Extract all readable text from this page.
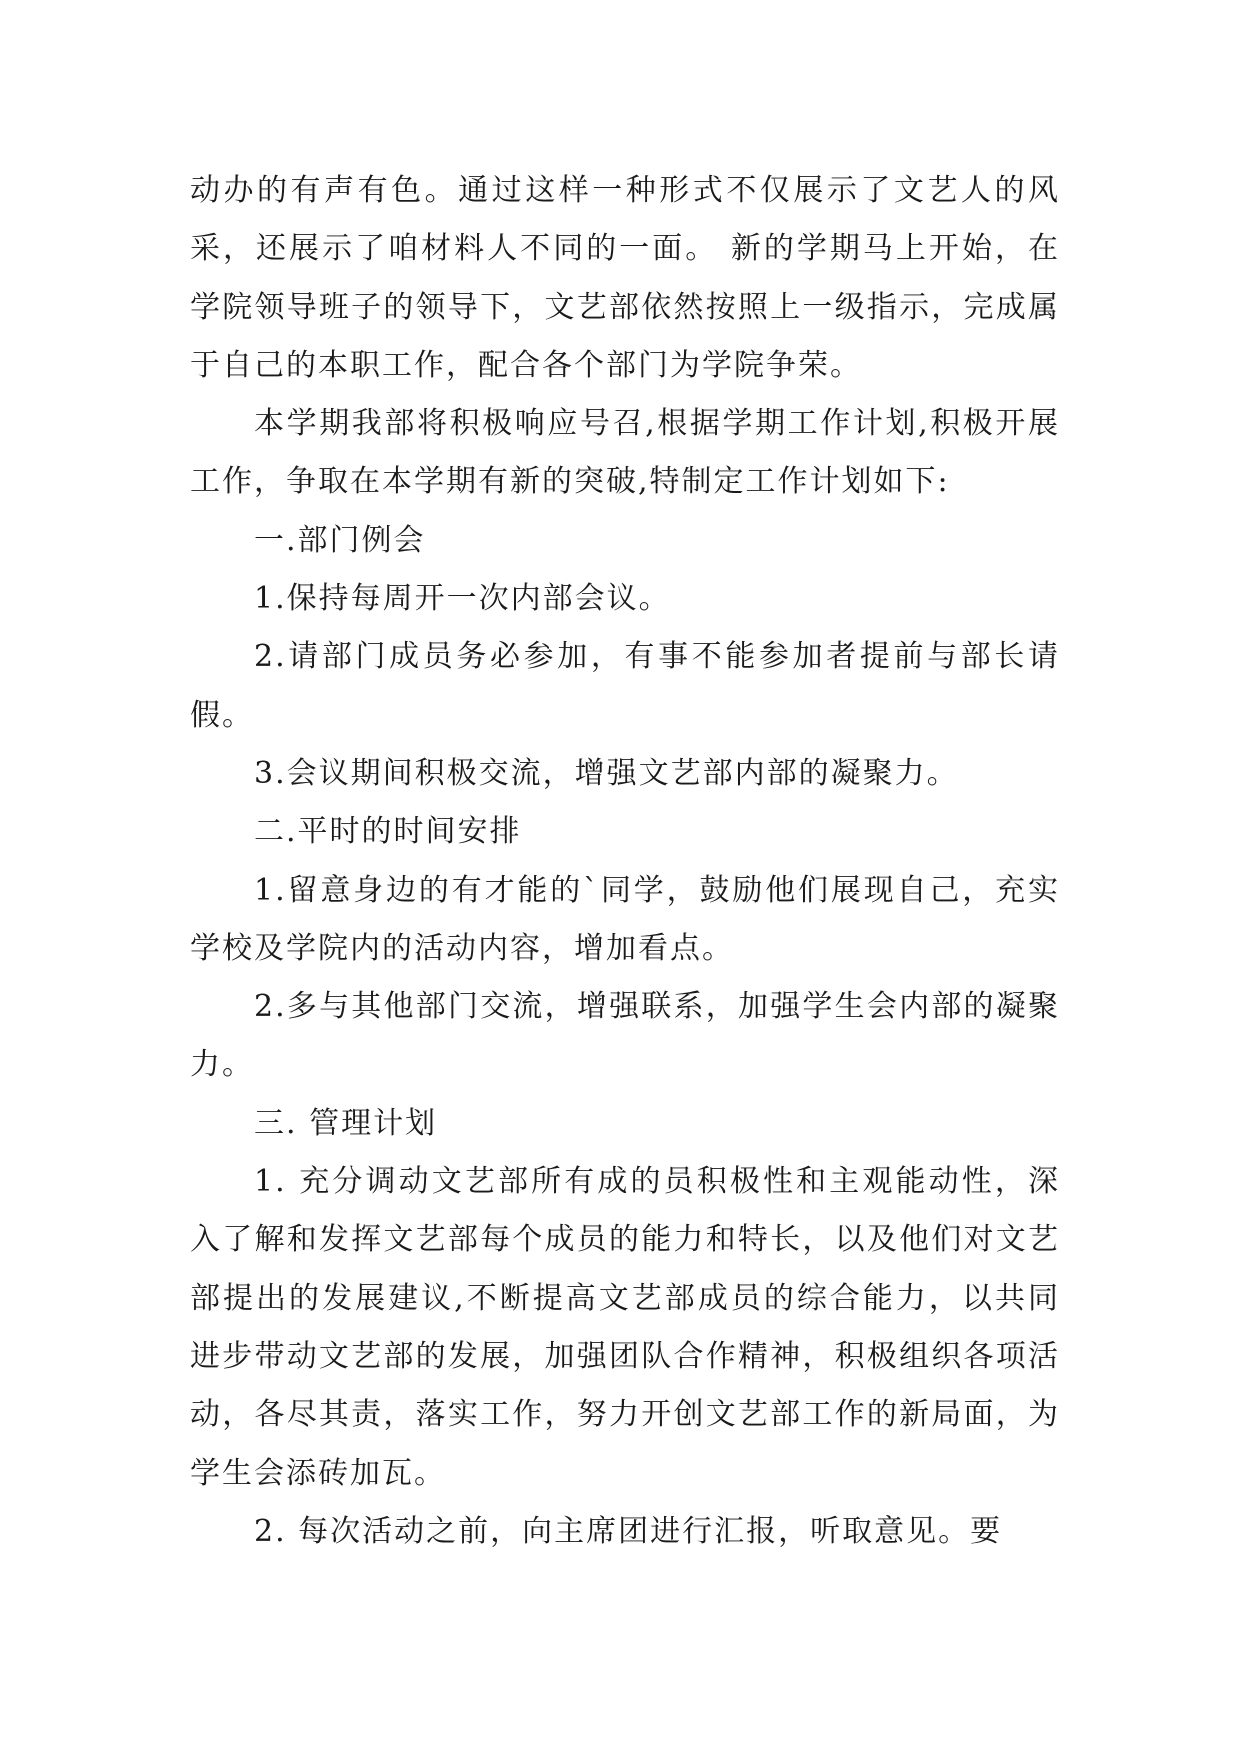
动办的有声有色。通过这样一种形式不仅展示了文艺人的风采，还展示了咱材料人不同的一面。 新的学期马上开始，在学院领导班子的领导下，文艺部依然按照上一级指示，完成属于自己的本职工作，配合各个部门为学院争荣。

本学期我部将积极响应号召,根据学期工作计划,积极开展工作，争取在本学期有新的突破,特制定工作计划如下:

一.部门例会

1.保持每周开一次内部会议。

2.请部门成员务必参加，有事不能参加者提前与部长请假。

3.会议期间积极交流，增强文艺部内部的凝聚力。

二.平时的时间安排

1.留意身边的有才能的`同学，鼓励他们展现自己，充实学校及学院内的活动内容，增加看点。

2.多与其他部门交流，增强联系，加强学生会内部的凝聚力。

三. 管理计划

1. 充分调动文艺部所有成的员积极性和主观能动性，深入了解和发挥文艺部每个成员的能力和特长，以及他们对文艺部提出的发展建议,不断提高文艺部成员的综合能力，以共同进步带动文艺部的发展，加强团队合作精神，积极组织各项活动，各尽其责，落实工作，努力开创文艺部工作的新局面，为学生会添砖加瓦。

2. 每次活动之前，向主席团进行汇报，听取意见。要
